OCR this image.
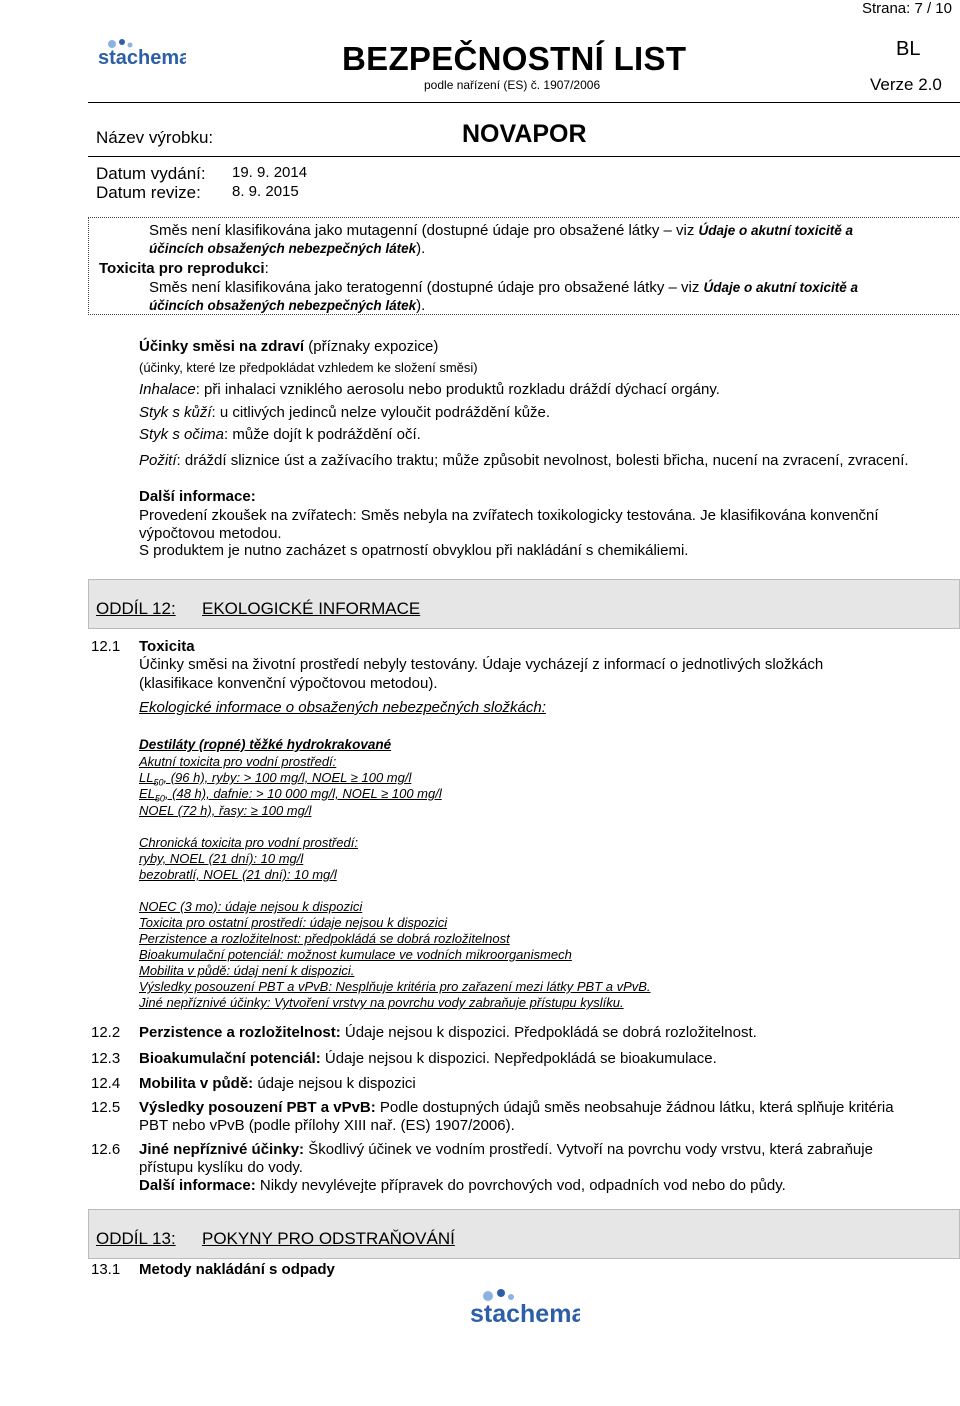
Strana: 7 / 10
stachema	BEZPEČNOSTNÍ LIST
podle nařízení (ES) č. 1907/2006
BL
Verze 2.0
Název výrobku:	NOVAPOR
Datum vydání: 19. 9. 2014
Datum revize: 8. 9. 2015
Směs není klasifikována jako mutagenní (dostupné údaje pro obsažené látky – viz Údaje o akutní toxicitě a
účincích obsažených nebezpečných látek).
Toxicita pro reprodukci:
Směs není klasifikována jako teratogenní (dostupné údaje pro obsažené látky – viz Údaje o akutní toxicitě a
účincích obsažených nebezpečných látek).
Účinky směsi na zdraví (příznaky expozice)
(účinky, které lze předpokládat vzhledem ke složení směsi)
Inhalace: při inhalaci vzniklého aerosolu nebo produktů rozkladu dráždí dýchací orgány.
Styk s kůží: u citlivých jedinců nelze vyloučit podráždění kůže.
Styk s očima: může dojít k podráždění očí.
Požití: dráždí sliznice úst a zažívacího traktu; může způsobit nevolnost, bolesti břicha, nucení na zvracení, zvracení.
Další informace:
Provedení zkoušek na zvířatech: Směs nebyla na zvířatech toxikologicky testována. Je klasifikována konvenční
výpočtovou metodou.
S produktem je nutno zacházet s opatrností obvyklou při nakládání s chemikáliemi.
ODDÍL 12: EKOLOGICKÉ INFORMACE
12.1 Toxicita
Účinky směsi na životní prostředí nebyly testovány. Údaje vycházejí z informací o jednotlivých složkách
(klasifikace konvenční výpočtovou metodou).
Ekologické informace o obsažených nebezpečných složkách:
Destiláty (ropné) těžké hydrokrakované
Akutní toxicita pro vodní prostředí:
$LL_{50}$, (96 h), ryby: > 100 mg/l, NOEL ≥ 100 mg/l
$EL_{50}$, (48 h), dafnie: > 10 000 mg/l, NOEL ≥ 100 mg/l
NOEL (72 h), řasy: ≥ 100 mg/l
Chronická toxicita pro vodní prostředí:
ryby, NOEL (21 dní): 10 mg/l
bezobratlí, NOEL (21 dní): 10 mg/l
NOEC (3 mo): údaje nejsou k dispozici
Toxicita pro ostatní prostředí: údaje nejsou k dispozici
Perzistence a rozložitelnost: předpokládá se dobrá rozložitelnost
Bioakumulační potenciál: možnost kumulace ve vodních mikroorganismech
Mobilita v půdě: údaj není k dispozici.
Výsledky posouzení PBT a vPvB: Nesplňuje kritéria pro zařazení mezi látky PBT a vPvB.
Jiné nepříznivé účinky: Vytvoření vrstvy na povrchu vody zabraňuje přístupu kyslíku.
12.2 Perzistence a rozložitelnost: Údaje nejsou k dispozici. Předpokládá se dobrá rozložitelnost.
12.3 Bioakumulační potenciál: Údaje nejsou k dispozici. Nepředpokládá se bioakumulace.
12.4 Mobilita v půdě: údaje nejsou k dispozici
12.5 Výsledky posouzení PBT a vPvB: Podle dostupných údajů směs neobsahuje žádnou látku, která splňuje kritéria
PBT nebo vPvB (podle přílohy XIII nař. (ES) 1907/2006).
12.6 Jiné nepříznivé účinky: Škodlivý účinek ve vodním prostředí. Vytvoří na povrchu vody vrstvu, která zabraňuje
přístupu kyslíku do vody.
Další informace: Nikdy nevylévejte přípravek do povrchových vod, odpadních vod nebo do půdy.
ODDÍL 13: POKYNY PRO ODSTRAŇOVÁNÍ
13.1 Metody nakládání s odpady
stachema
